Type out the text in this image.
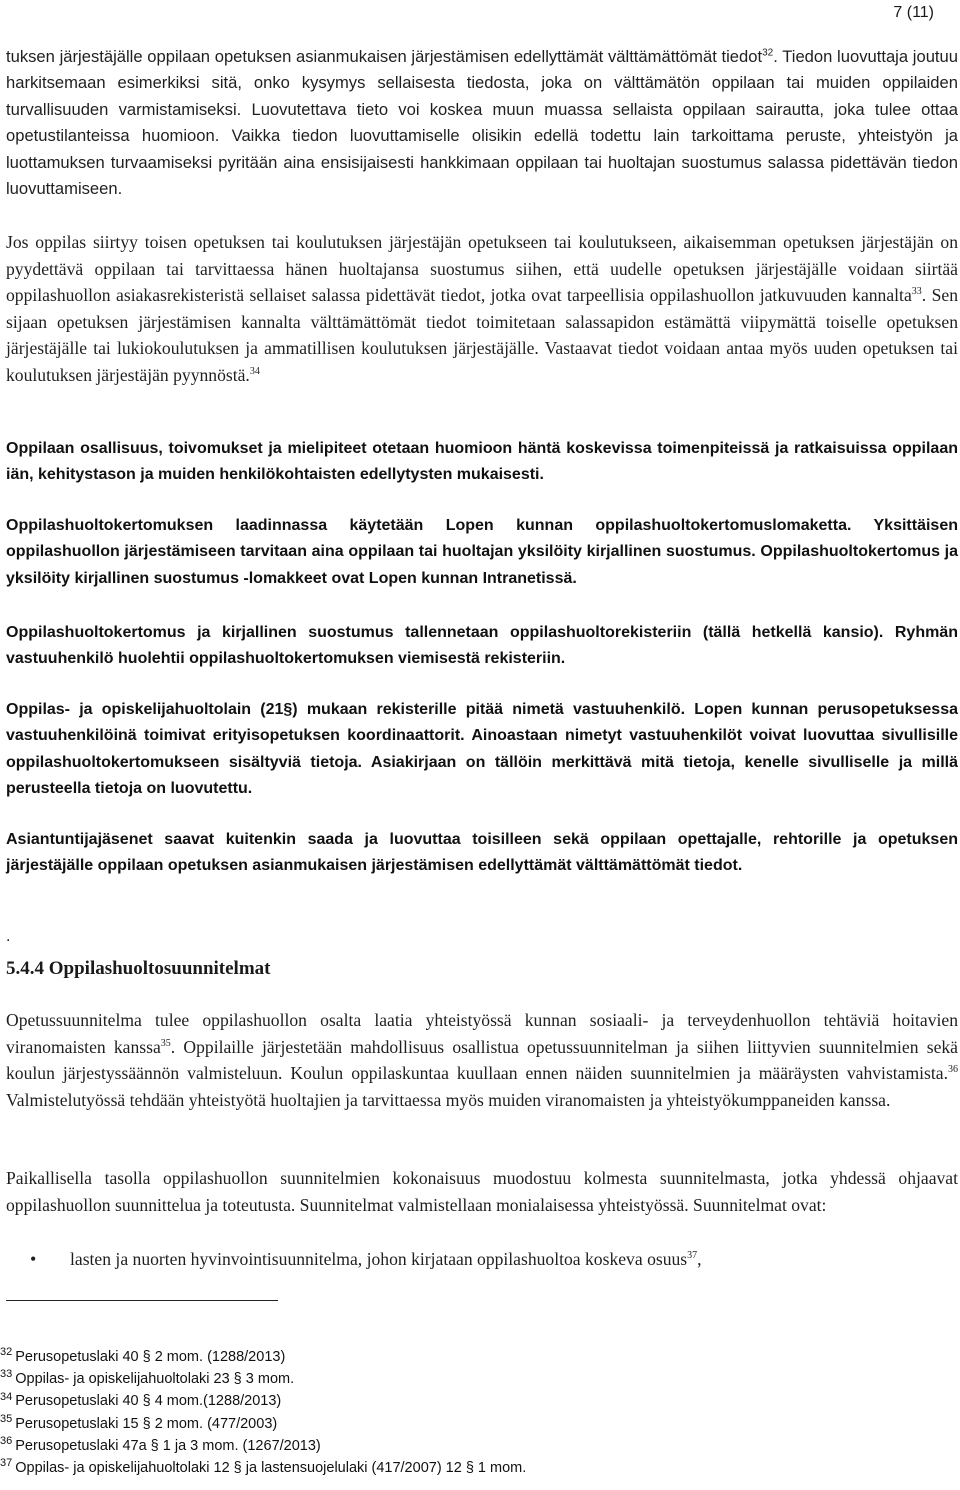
7 (11)

tuksen järjestäjälle oppilaan opetuksen asianmukaisen järjestämisen edellyttämät välttämättömät tiedot$^{32}$. Tiedon luovuttaja joutuu harkitsemaan esimerkiksi sitä, onko kysymys sellaisesta tiedosta, joka on välttämätön oppilaan tai muiden oppilaiden turvallisuuden varmistamiseksi. Luovutettava tieto voi koskea muun muassa sellaista oppilaan sairautta, joka tulee ottaa opetustilanteissa huomioon. Vaikka tiedon luovuttamiselle olisikin edellä todettu lain tarkoittama peruste, yhteistyön ja luottamuksen turvaamiseksi pyritään aina ensisijaisesti hankkimaan oppilaan tai huoltajan suostumus salassa pidettävän tiedon luovuttamiseen.

Jos oppilas siirtyy toisen opetuksen tai koulutuksen järjestäjän opetukseen tai koulutukseen, aikaisemman opetuksen järjestäjän on pyydettävä oppilaan tai tarvittaessa hänen huoltajansa suostumus siihen, että uudelle opetuksen järjestäjälle voidaan siirtää oppilashuollon asiakasrekisteristä sellaiset salassa pidettävät tiedot, jotka ovat tarpeellisia oppilashuollon jatkuvuuden kannalta$^{33}$. Sen sijaan opetuksen järjestämisen kannalta välttämättömät tiedot toimitetaan salassapidon estämättä viipymättä toiselle opetuksen järjestäjälle tai lukiokoulutuksen ja ammatillisen koulutuksen järjestäjälle. Vastaavat tiedot voidaan antaa myös uuden opetuksen tai koulutuksen järjestäjän pyynnöstä.$^{34}$

Oppilaan osallisuus, toivomukset ja mielipiteet otetaan huomioon häntä koskevissa toimenpiteissä ja ratkaisuissa oppilaan iän, kehitystason ja muiden henkilökohtaisten edellytysten mukaisesti.

Oppilashuoltokertomuksen laadinnassa käytetään Lopen kunnan oppilashuoltokertomuslomaketta. Yksittäisen oppilashuollon järjestämiseen tarvitaan aina oppilaan tai huoltajan yksilöity kirjallinen suostumus. Oppilashuoltokertomus ja yksilöity kirjallinen suostumus -lomakkeet ovat Lopen kunnan Intranetissä.

Oppilashuoltokertomus ja kirjallinen suostumus tallennetaan oppilashuoltorekisteriin (tällä hetkellä kansio). Ryhmän vastuuhenkilö huolehtii oppilashuoltokertomuksen viemisestä rekisteriin.

Oppilas- ja opiskelijahuoltolain (21§) mukaan rekisterille pitää nimetä vastuuhenkilö. Lopen kunnan perusopetuksessa vastuuhenkilöinä toimivat erityisopetuksen koordinaattorit. Ainoastaan nimetyt vastuuhenkilöt voivat luovuttaa sivullisille oppilashuoltokertomukseen sisältyviä tietoja. Asiakirjaan on tällöin merkittävä mitä tietoja, kenelle sivulliselle ja millä perusteella tietoja on luovutettu.

Asiantuntijajäsenet saavat kuitenkin saada ja luovuttaa toisilleen sekä oppilaan opettajalle, rehtorille ja opetuksen järjestäjälle oppilaan opetuksen asianmukaisen järjestämisen edellyttämät välttämättömät tiedot.

.
5.4.4 Oppilashuoltosuunnitelmat

Opetussuunnitelma tulee oppilashuollon osalta laatia yhteistyössä kunnan sosiaali- ja terveydenhuollon tehtäviä hoitavien viranomaisten kanssa$^{35}$. Oppilaille järjestetään mahdollisuus osallistua opetussuunnitelman ja siihen liittyvien suunnitelmien sekä koulun järjestyssäännön valmisteluun. Koulun oppilaskuntaa kuullaan ennen näiden suunnitelmien ja määräysten vahvistamista.$^{36}$ Valmistelutyössä tehdään yhteistyötä huoltajien ja tarvittaessa myös muiden viranomaisten ja yhteistyökumppaneiden kanssa.

Paikallisella tasolla oppilashuollon suunnitelmien kokonaisuus muodostuu kolmesta suunnitelmasta, jotka yhdessä ohjaavat oppilashuollon suunnittelua ja toteutusta. Suunnitelmat valmistellaan monialaisessa yhteistyössä. Suunnitelmat ovat:

• lasten ja nuorten hyvinvointisuunnitelma, johon kirjataan oppilashuoltoa koskeva osuus$^{37}$,
$^{32}$ Perusopetuslaki 40 § 2 mom. (1288/2013)
$^{33}$ Oppilas- ja opiskelijahuoltolaki 23 § 3 mom.
$^{34}$ Perusopetuslaki 40 § 4 mom.(1288/2013)
$^{35}$ Perusopetuslaki 15 § 2 mom. (477/2003)
$^{36}$ Perusopetuslaki 47a § 1 ja 3 mom. (1267/2013)
$^{37}$ Oppilas- ja opiskelijahuoltolaki 12 § ja lastensuojelulaki (417/2007) 12 § 1 mom.
